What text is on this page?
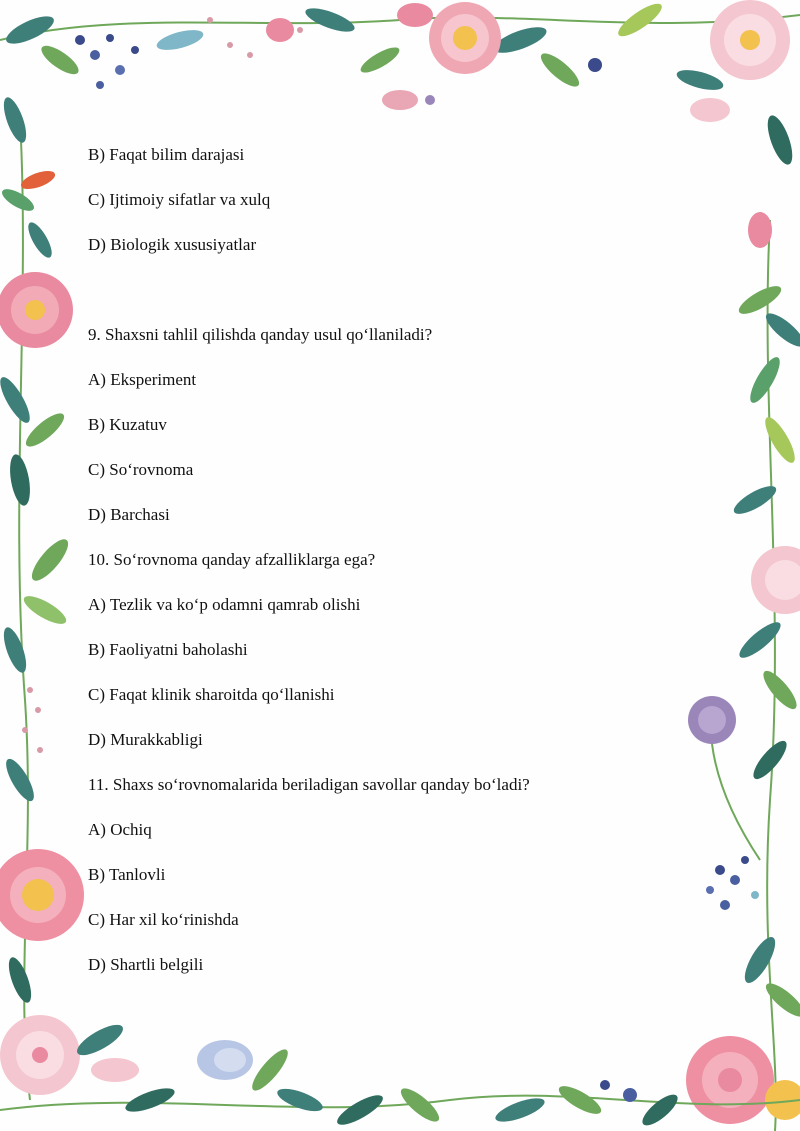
B) Faqat bilim darajasi
C) Ijtimoiy sifatlar va xulq
D) Biologik xususiyatlar
9. Shaxsni tahlil qilishda qanday usul qo‘llaniladi?
A) Eksperiment
B) Kuzatuv
C) So‘rovnoma
D) Barchasi
10. So‘rovnoma qanday afzalliklarga ega?
A) Tezlik va ko‘p odamni qamrab olishi
B) Faoliyatni baholashi
C) Faqat klinik sharoitda qo‘llanishi
D) Murakkabligi
11. Shaxs so‘rovnomalarida beriladigan savollar qanday bo‘ladi?
A) Ochiq
B) Tanlovli
C) Har xil ko‘rinishda
D) Shartli belgili
